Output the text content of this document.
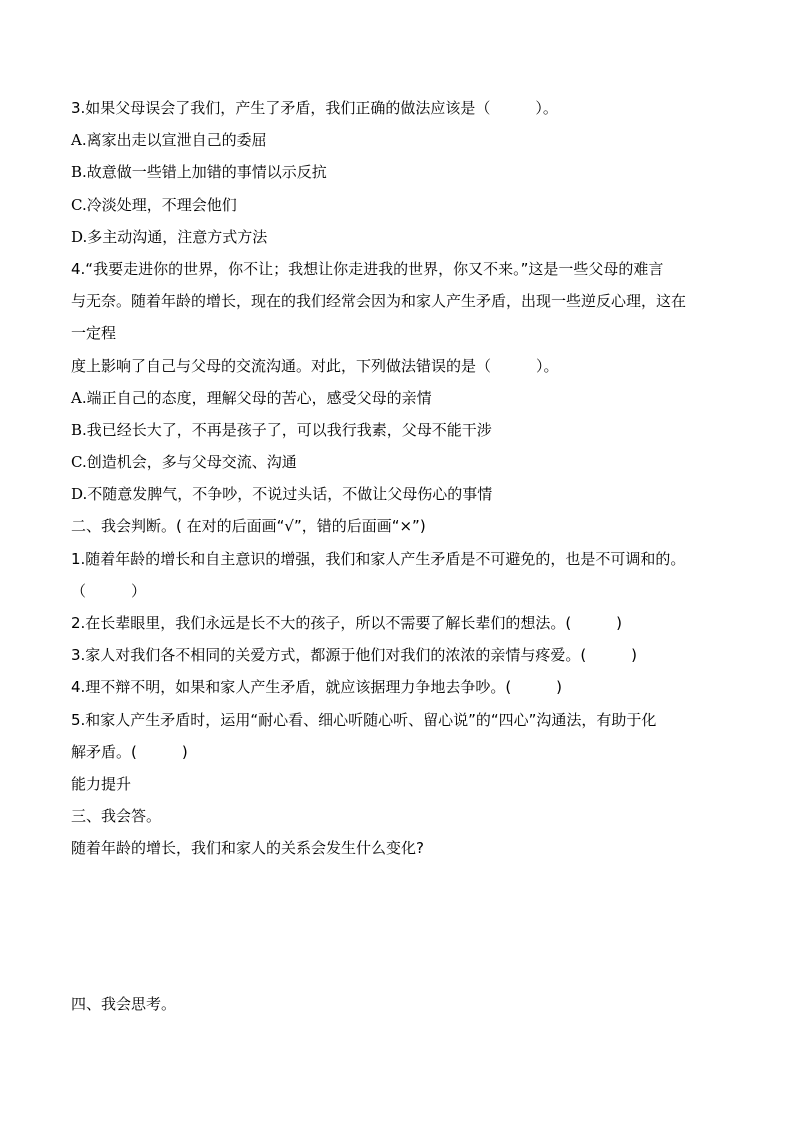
3.如果父母误会了我们，产生了矛盾，我们正确的做法应该是（　　　）。
A.离家出走以宣泄自己的委屈
B.故意做一些错上加错的事情以示反抗
C.冷淡处理，不理会他们
D.多主动沟通，注意方式方法
4.“我要走进你的世界，你不让；我想让你走进我的世界，你又不来。”这是一些父母的难言
与无奈。随着年龄的增长，现在的我们经常会因为和家人产生矛盾，出现一些逆反心理，这在
一定程
度上影响了自己与父母的交流沟通。对此，下列做法错误的是（　　　）。
A.端正自己的态度，理解父母的苦心，感受父母的亲情
B.我已经长大了，不再是孩子了，可以我行我素，父母不能干涉
C.创造机会，多与父母交流、沟通
D.不随意发脾气，不争吵，不说过头话，不做让父母伤心的事情
二、我会判断。( 在对的后面画“√”，错的后面画“×”)
1.随着年龄的增长和自主意识的增强，我们和家人产生矛盾是不可避免的，也是不可调和的。
（　　　）
2.在长辈眼里，我们永远是长不大的孩子，所以不需要了解长辈们的想法。(　　　)
3.家人对我们各不相同的关爱方式，都源于他们对我们的浓浓的亲情与疼爱。(　　　)
4.理不辩不明，如果和家人产生矛盾，就应该据理力争地去争吵。(　　　)
5.和家人产生矛盾时，运用“耐心看、细心听随心听、留心说”的“四心”沟通法，有助于化
解矛盾。(　　　)
能力提升
三、我会答。
随着年龄的增长，我们和家人的关系会发生什么变化?
四、我会思考。
